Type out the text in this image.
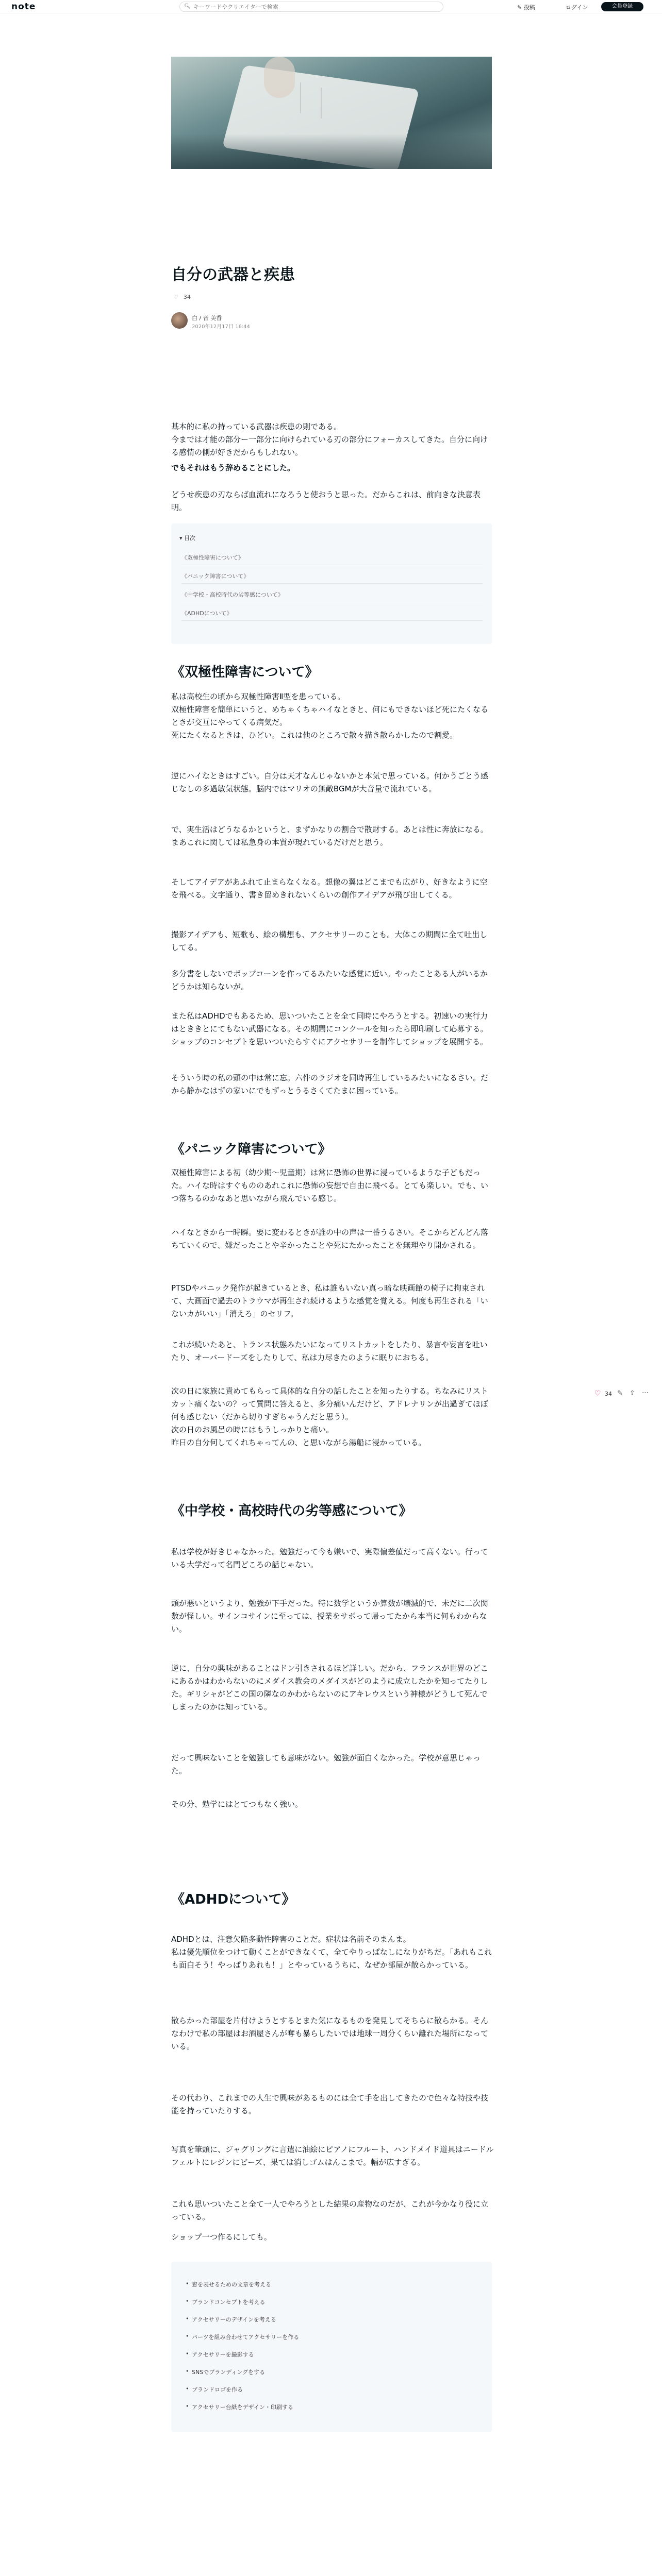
note	🔍︎
キーワードやクリエイターで検索	✎ 投稿	ログイン	会員登録
自分の武器と疾患
♡ 34
白 / 音 美香
2020年12月17日 16:44
基本的に私の持っている武器は疾患の則である。
今までは才能の部分ー一部分に向けられている刃の部分にフォーカスしてきた。自分に向ける感情の側が好きだからもしれない。
でもそれはもう辞めることにした。
どうせ疾患の刃ならば血流れになろうと使おうと思った。だからこれは、前向きな決意表明。
▾ 目次
《双極性障害について》
《パニック障害について》
《中学校・高校時代の劣等感について》
《ADHDについて》
《双極性障害について》
私は高校生の頃から双極性障害Ⅱ型を患っている。
双極性障害を簡単にいうと、めちゃくちゃハイなときと、何にもできないほど死にたくなるときが交互にやってくる病気だ。
死にたくなるときは、ひどい。これは他のところで散々描き散らかしたので割愛。
逆にハイなときはすごい。自分は天才なんじゃないかと本気で思っている。何かうごとう感じなしの多過敏気状態。脳内ではマリオの無敵BGMが大音量で流れている。
で、実生活はどうなるかというと、まずかなりの割合で散財する。あとは性に奔放になる。まあこれに関しては私急身の本質が現れているだけだと思う。
そしてアイデアがあふれて止まらなくなる。想像の翼はどこまでも広がり、好きなように空を飛べる。文字通り、書き留めきれないくらいの創作アイデアが飛び出してくる。
撮影アイデアも、短歌も、絵の構想も、アクセサリーのことも。大体この期間に全て吐出ししてる。
多分書をしないでポップコーンを作ってるみたいな感覚に近い。やったことある人がいるかどうかは知らないが。
また私はADHDでもあるため、思いついたことを全て同時にやろうとする。初速いの実行力はとききとにてもない武器になる。その期間にコンクールを知ったら即印刷して応募する。ショップのコンセプトを思いついたらすぐにアクセサリーを制作してショップを展開する。
そういう時の私の頭の中は常に忘。六件のラジオを同時再生しているみたいになるさい。だから静かなはずの家いにでもずっとうるさくてたまに困っている。
《パニック障害について》
双極性障害による初（幼少期〜児童期）は常に恐怖の世界に浸っているような子どもだった。ハイな時はすぐもののあれこれに恐怖の妄想で自由に飛べる。とても楽しい。でも、いつ落ちるのかなあと思いながら飛んでいる感じ。
ハイなときから一時瞬。要に変わるときが誰の中の声は一番うるさい。そこからどんどん落ちていくので、嫌だったことや辛かったことや死にたかったことを無理やり開かされる。
PTSDやパニック発作が起きているとき、私は誰もいない真っ暗な映画館の椅子に拘束されて、大画面で過去のトラウマが再生され続けるような感覚を覚える。何度も再生される「いないカがいい」「消えろ」のセリフ。
これが続いたあと、トランス状態みたいになってリストカットをしたり、暴言や妄言を吐いたり、オーバードーズをしたりして、私は力尽きたのように眠りにおちる。
次の日に家族に責めてもらって具体的な自分の話したことを知ったりする。ちなみにリストカット痛くないの？って質問に答えると、多分痛いんだけど、アドレナリンが出過ぎてほぼ何も感じない（だから切りすぎちゃうんだと思う）。
次の日のお風呂の時にはもうしっかりと痛い。
昨日の自分何してくれちゃってんの、と思いながら湯船に浸かっている。
《中学校・高校時代の劣等感について》
私は学校が好きじゃなかった。勉強だって今も嫌いで、実際偏差値だって高くない。行っている大学だって名門どころの話じゃない。
頭が悪いというより、勉強が下手だった。特に数学というか算数が壊滅的で、未だに二次関数が怪しい。サインコサインに至っては、授業をサボって帰ってたから本当に何もわからない。
逆に、自分の興味があることはドン引きされるほど詳しい。だから、フランスが世界のどこにあるかはわからないのにメダイス教会のメダイスがどのように成立したかを知ってたりした。ギリシャがどこの国の隣なのかわからないのにアキレウスという神様がどうして死んでしまったのかは知っている。
だって興味ないことを勉強しても意味がない。勉強が面白くなかった。学校が意思じゃった。
その分、勉学にはとてつもなく強い。
《ADHDについて》
ADHDとは、注意欠陥多動性障害のことだ。症状は名前そのまんま。
私は優先順位をつけて動くことができなくて、全てやりっぱなしになりがちだ。「あれもこれも面白そう！やっぱりあれも！」とやっているうちに、なぜか部屋が散らかっている。
散らかった部屋を片付けようとするとまた気になるものを発見してそちらに散らかる。そんなわけで私の部屋はお酒屋さんが奪も暴らしたいでは地球一周分くらい離れた場所になっている。
その代わり、これまでの人生で興味があるものには全て手を出してきたので色々な特技や技能を持っていたりする。
写真を筆頭に、ジャグリングに言遣に油絵にピアノにフルート、ハンドメイド道具はニードルフェルトにレジンにビーズ、果ては消しゴムはんこまで。幅が広すぎる。
これも思いついたこと全て一人でやろうとした結果の産物なのだが、これが今かなり役に立っている。
ショップ一つ作るにしても。
• 窓を表せるための文章を考える
• ブランドコンセプトを考える
• アクセサリーのデザインを考える
• パーツを組み合わせてアクセサリーを作る
• アクセサリーを撮影する
• SNSでブランディングをする
• ブランドロゴを作る
• アクセサリー台紙をデザイン・印刷する
♡ 34 ✎ ⇪ ⋯
